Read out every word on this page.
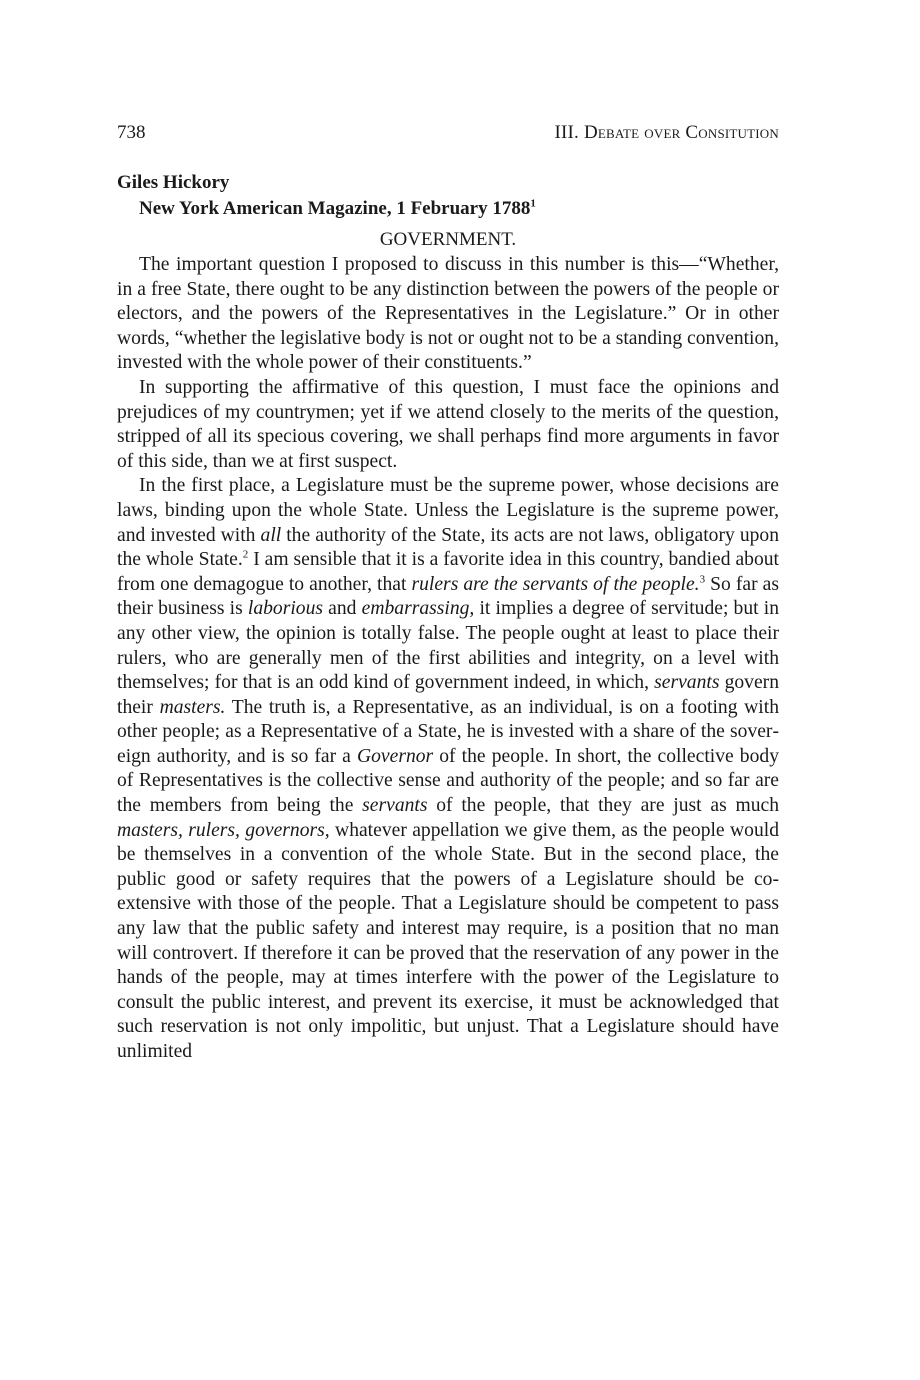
738	III. Debate over Consitution
Giles Hickory
New York American Magazine, 1 February 1788$^1$
GOVERNMENT.

The important question I proposed to discuss in this number is this—“Whether, in a free State, there ought to be any distinction between the powers of the people or electors, and the powers of the Representatives in the Legislature.” Or in other words, “whether the legislative body is not or ought not to be a standing convention, invested with the whole power of their constituents.”

In supporting the affirmative of this question, I must face the opinions and prejudices of my countrymen; yet if we attend closely to the merits of the question, stripped of all its specious covering, we shall perhaps find more arguments in favor of this side, than we at first suspect.

In the first place, a Legislature must be the supreme power, whose decisions are laws, binding upon the whole State. Unless the Legislature is the supreme power, and invested with all the authority of the State, its acts are not laws, obligatory upon the whole State.$^2$ I am sensible that it is a favorite idea in this country, bandied about from one demagogue to another, that rulers are the servants of the people.$^3$ So far as their business is laborious and embarrassing, it implies a degree of servitude; but in any other view, the opinion is totally false. The people ought at least to place their rulers, who are generally men of the first abilities and integrity, on a level with themselves; for that is an odd kind of government indeed, in which, servants govern their masters. The truth is, a Representative, as an individual, is on a footing with other people; as a Representative of a State, he is invested with a share of the sovereign authority, and is so far a Governor of the people. In short, the collective body of Representatives is the collective sense and authority of the people; and so far are the members from being the servants of the people, that they are just as much masters, rulers, governors, whatever appellation we give them, as the people would be themselves in a convention of the whole State. But in the second place, the public good or safety requires that the powers of a Legislature should be co-extensive with those of the people. That a Legislature should be competent to pass any law that the public safety and interest may require, is a position that no man will controvert. If therefore it can be proved that the reservation of any power in the hands of the people, may at times interfere with the power of the Legislature to consult the public interest, and prevent its exercise, it must be acknowledged that such reservation is not only impolitic, but unjust. That a Legislature should have unlimited
